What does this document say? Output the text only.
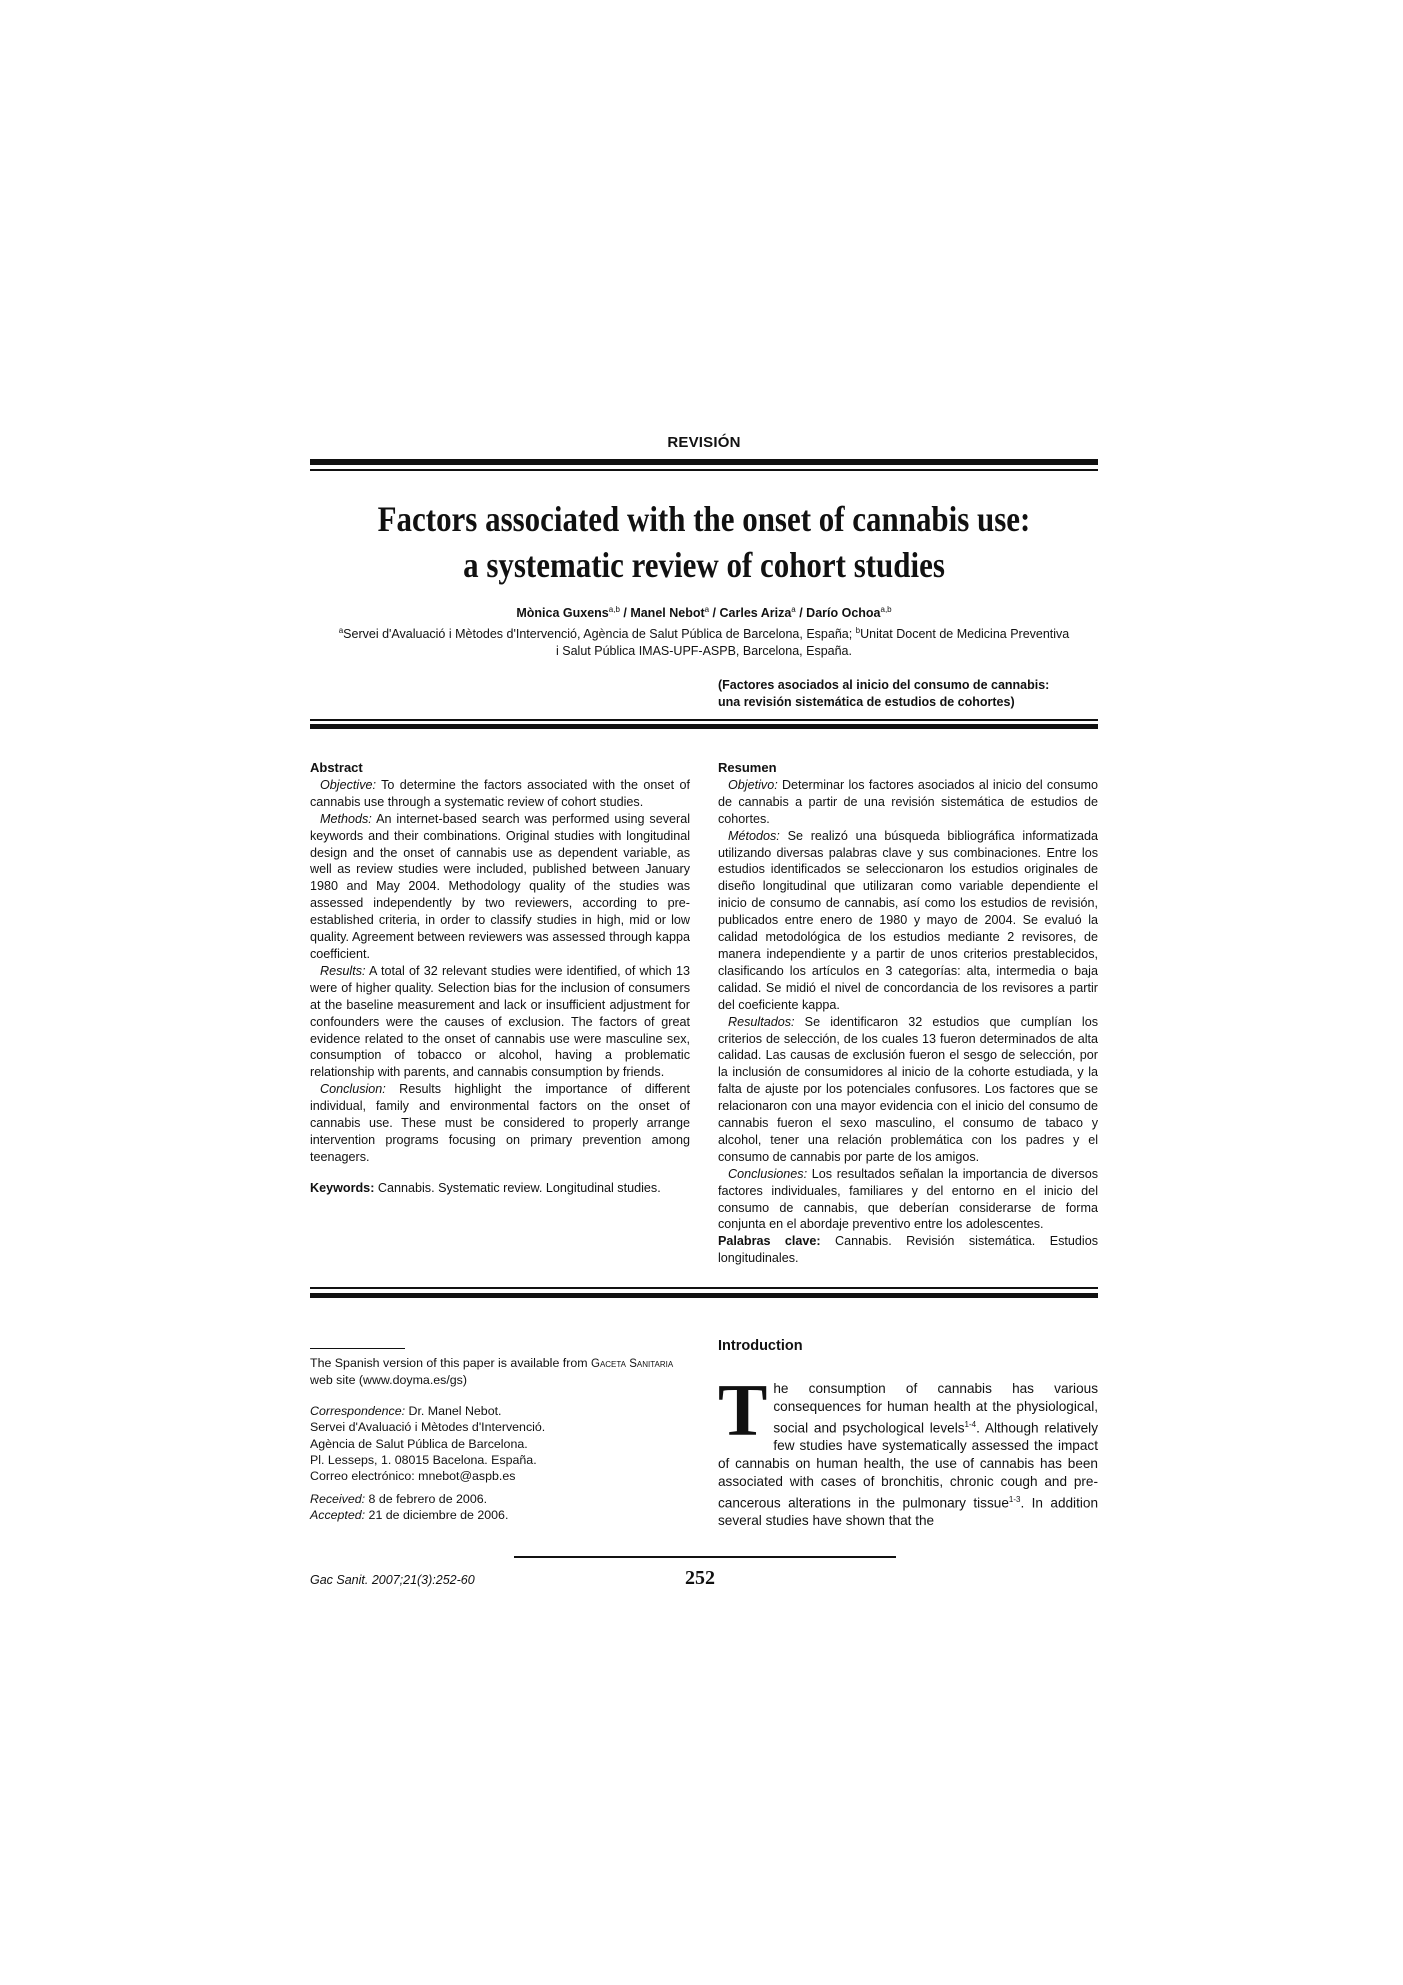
REVISIÓN
Factors associated with the onset of cannabis use:
a systematic review of cohort studies
Mònica Guxens$^{a,b}$ / Manel Nebot$^a$ / Carles Ariza$^a$ / Darío Ochoa$^{a,b}$
$^a$Servei d'Avaluació i Mètodes d'Intervenció, Agència de Salut Pública de Barcelona, España; $^b$Unitat Docent de Medicina Preventiva
i Salut Pública IMAS-UPF-ASPB, Barcelona, España.
(Factores asociados al inicio del consumo de cannabis:
una revisión sistemática de estudios de cohortes)
Abstract

Objective: To determine the factors associated with the onset of cannabis use through a systematic review of cohort studies.

Methods: An internet-based search was performed using several keywords and their combinations. Original studies with longitudinal design and the onset of cannabis use as dependent variable, as well as review studies were included, published between January 1980 and May 2004. Methodology quality of the studies was assessed independently by two reviewers, according to pre-established criteria, in order to classify studies in high, mid or low quality. Agreement between reviewers was assessed through kappa coefficient.

Results: A total of 32 relevant studies were identified, of which 13 were of higher quality. Selection bias for the inclusion of consumers at the baseline measurement and lack or insufficient adjustment for confounders were the causes of exclusion. The factors of great evidence related to the onset of cannabis use were masculine sex, consumption of tobacco or alcohol, having a problematic relationship with parents, and cannabis consumption by friends.

Conclusion: Results highlight the importance of different individual, family and environmental factors on the onset of cannabis use. These must be considered to properly arrange intervention programs focusing on primary prevention among teenagers.

Keywords: Cannabis. Systematic review. Longitudinal studies.

Resumen

Objetivo: Determinar los factores asociados al inicio del consumo de cannabis a partir de una revisión sistemática de estudios de cohortes.

Métodos: Se realizó una búsqueda bibliográfica informatizada utilizando diversas palabras clave y sus combinaciones. Entre los estudios identificados se seleccionaron los estudios originales de diseño longitudinal que utilizaran como variable dependiente el inicio de consumo de cannabis, así como los estudios de revisión, publicados entre enero de 1980 y mayo de 2004. Se evaluó la calidad metodológica de los estudios mediante 2 revisores, de manera independiente y a partir de unos criterios prestablecidos, clasificando los artículos en 3 categorías: alta, intermedia o baja calidad. Se midió el nivel de concordancia de los revisores a partir del coeficiente kappa.

Resultados: Se identificaron 32 estudios que cumplían los criterios de selección, de los cuales 13 fueron determinados de alta calidad. Las causas de exclusión fueron el sesgo de selección, por la inclusión de consumidores al inicio de la cohorte estudiada, y la falta de ajuste por los potenciales confusores. Los factores que se relacionaron con una mayor evidencia con el inicio del consumo de cannabis fueron el sexo masculino, el consumo de tabaco y alcohol, tener una relación problemática con los padres y el consumo de cannabis por parte de los amigos.

Conclusiones: Los resultados señalan la importancia de diversos factores individuales, familiares y del entorno en el inicio del consumo de cannabis, que deberían considerarse de forma conjunta en el abordaje preventivo entre los adolescentes.

Palabras clave: Cannabis. Revisión sistemática. Estudios longitudinales.

The Spanish version of this paper is available from Gaceta Sanitaria web site (www.doyma.es/gs)

Correspondence: Dr. Manel Nebot.

Servei d'Avaluació i Mètodes d'Intervenció.

Agència de Salut Pública de Barcelona.

Pl. Lesseps, 1. 08015 Bacelona. España.

Correo electrónico: mnebot@aspb.es

Received: 8 de febrero de 2006.

Accepted: 21 de diciembre de 2006.

Introduction
The consumption of cannabis has various consequences for human health at the physiological, social and psychological levels$^{1-4}$. Although relatively few studies have systematically assessed the impact of cannabis on human health, the use of cannabis has been associated with cases of bronchitis, chronic cough and pre-cancerous alterations in the pulmonary tissue$^{1-3}$. In addition several studies have shown that the
Gac Sanit. 2007;21(3):252-60	252
